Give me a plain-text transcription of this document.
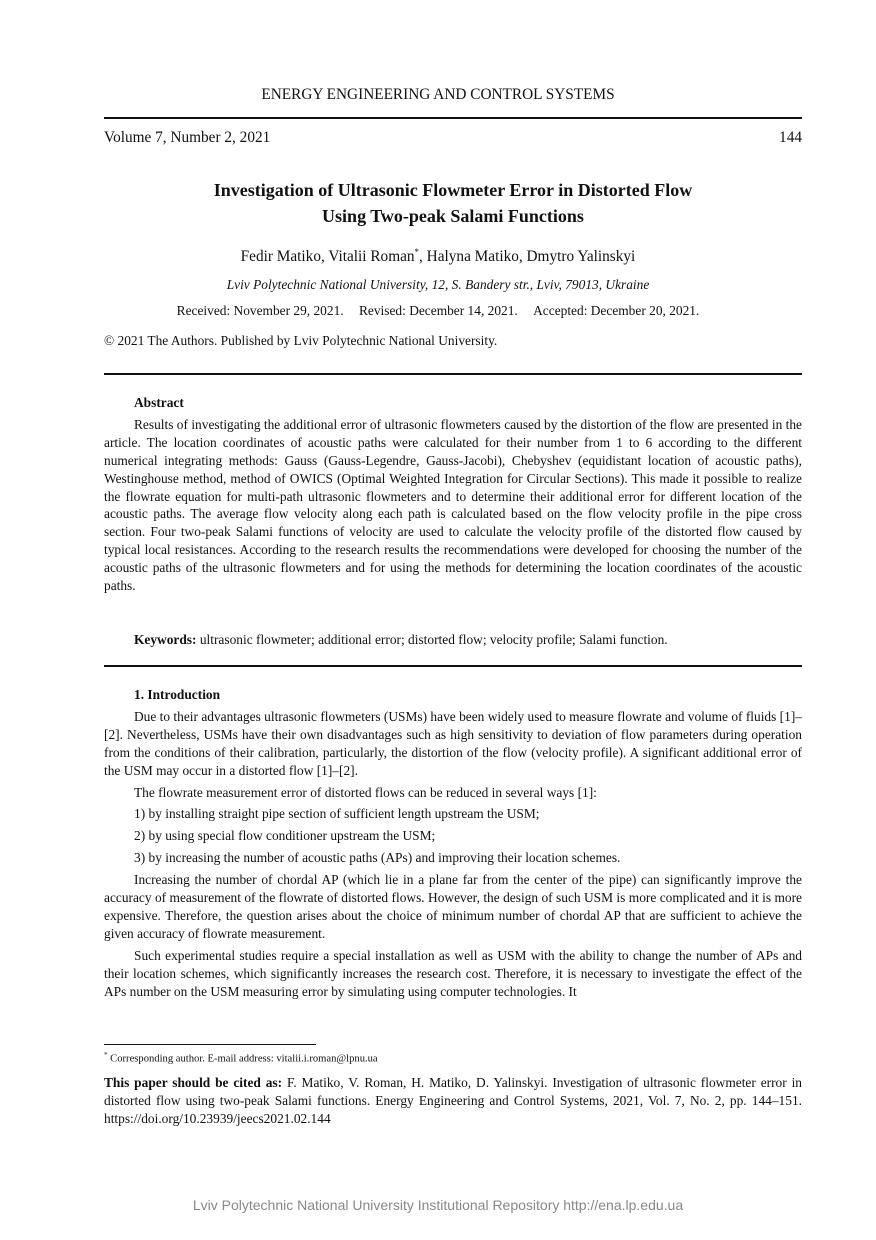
ENERGY ENGINEERING AND CONTROL SYSTEMS
Volume 7, Number 2, 2021	144
Investigation of Ultrasonic Flowmeter Error in Distorted Flow
Using Two-peak Salami Functions
Fedir Matiko, Vitalii Roman*, Halyna Matiko, Dmytro Yalinskyi
Lviv Polytechnic National University, 12, S. Bandery str., Lviv, 79013, Ukraine
Received: November 29, 2021. Revised: December 14, 2021. Accepted: December 20, 2021.
© 2021 The Authors. Published by Lviv Polytechnic National University.
Abstract

Results of investigating the additional error of ultrasonic flowmeters caused by the distortion of the flow are presented in the article. The location coordinates of acoustic paths were calculated for their number from 1 to 6 according to the different numerical integrating methods: Gauss (Gauss-Legendre, Gauss-Jacobi), Chebyshev (equidistant location of acoustic paths), Westinghouse method, method of OWICS (Optimal Weighted Integration for Circular Sections). This made it possible to realize the flowrate equation for multi-path ultrasonic flowmeters and to determine their additional error for different location of the acoustic paths. The average flow velocity along each path is calculated based on the flow velocity profile in the pipe cross section. Four two-peak Salami functions of velocity are used to calculate the velocity profile of the distorted flow caused by typical local resistances. According to the research results the recommendations were developed for choosing the number of the acoustic paths of the ultrasonic flowmeters and for using the methods for determining the location coordinates of the acoustic paths.

Keywords: ultrasonic flowmeter; additional error; distorted flow; velocity profile; Salami function.
1. Introduction

Due to their advantages ultrasonic flowmeters (USMs) have been widely used to measure flowrate and volume of fluids [1]–[2]. Nevertheless, USMs have their own disadvantages such as high sensitivity to deviation of flow parameters during operation from the conditions of their calibration, particularly, the distortion of the flow (velocity profile). A significant additional error of the USM may occur in a distorted flow [1]–[2].

The flowrate measurement error of distorted flows can be reduced in several ways [1]:

1) by installing straight pipe section of sufficient length upstream the USM;

2) by using special flow conditioner upstream the USM;

3) by increasing the number of acoustic paths (APs) and improving their location schemes.

Increasing the number of chordal AP (which lie in a plane far from the center of the pipe) can significantly improve the accuracy of measurement of the flowrate of distorted flows. However, the design of such USM is more complicated and it is more expensive. Therefore, the question arises about the choice of minimum number of chordal AP that are sufficient to achieve the given accuracy of flowrate measurement.

Such experimental studies require a special installation as well as USM with the ability to change the number of APs and their location schemes, which significantly increases the research cost. Therefore, it is necessary to investigate the effect of the APs number on the USM measuring error by simulating using computer technologies. It

* Corresponding author. E-mail address: vitalii.i.roman@lpnu.ua

This paper should be cited as: F. Matiko, V. Roman, H. Matiko, D. Yalinskyi. Investigation of ultrasonic flowmeter error in distorted flow using two-peak Salami functions. Energy Engineering and Control Systems, 2021, Vol. 7, No. 2, pp. 144–151. https://doi.org/10.23939/jeecs2021.02.144

Lviv Polytechnic National University Institutional Repository http://ena.lp.edu.ua
